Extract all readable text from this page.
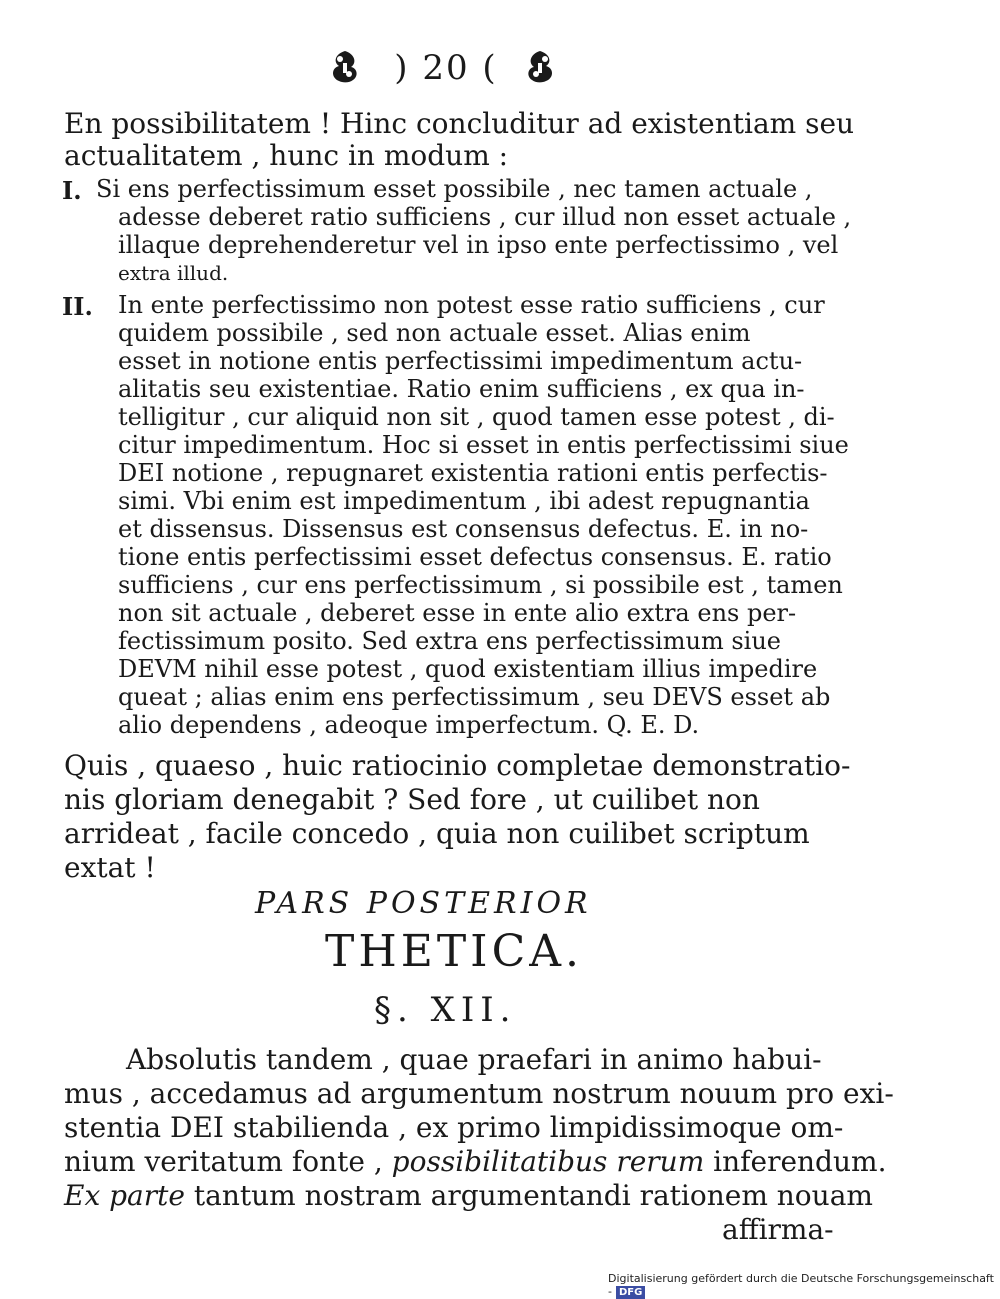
) 20 (
En possibilitatem ! Hinc concluditur ad existentiam seu
actualitatem , hunc in modum :
I. Si ens perfectissimum esset possibile , nec tamen actuale ,
adesse deberet ratio sufficiens , cur illud non esset actuale ,
illaque deprehenderetur vel in ipso ente perfectissimo , vel
extra illud.
II. In ente perfectissimo non potest esse ratio sufficiens , cur
quidem possibile , sed non actuale esset. Alias enim
esset in notione entis perfectissimi impedimentum actu-
alitatis seu existentiae. Ratio enim sufficiens , ex qua in-
telligitur , cur aliquid non sit , quod tamen esse potest , di-
citur impedimentum. Hoc si esset in entis perfectissimi siue
DEI notione , repugnaret existentia rationi entis perfectis-
simi. Vbi enim est impedimentum , ibi adest repugnantia
et dissensus. Dissensus est consensus defectus. E. in no-
tione entis perfectissimi esset defectus consensus. E. ratio
sufficiens , cur ens perfectissimum , si possibile est , tamen
non sit actuale , deberet esse in ente alio extra ens per-
fectissimum posito. Sed extra ens perfectissimum siue
DEVM nihil esse potest , quod existentiam illius impedire
queat ; alias enim ens perfectissimum , seu DEVS esset ab
alio dependens , adeoque imperfectum. Q. E. D.
Quis , quaeso , huic ratiocinio completae demonstratio-
nis gloriam denegabit ? Sed fore , ut cuilibet non
arrideat , facile concedo , quia non cuilibet scriptum
extat !
PARS POSTERIOR
THETICA.
§. XII.
Absolutis tandem , quae praefari in animo habui-
mus , accedamus ad argumentum nostrum nouum pro exi-
stentia DEI stabilienda , ex primo limpidissimoque om-
nium veritatum fonte , possibilitatibus rerum inferendum.
Ex parte tantum nostram argumentandi rationem nouam
affirma-
Digitalisierung gefördert durch die Deutsche Forschungsgemeinschaft - DFG
